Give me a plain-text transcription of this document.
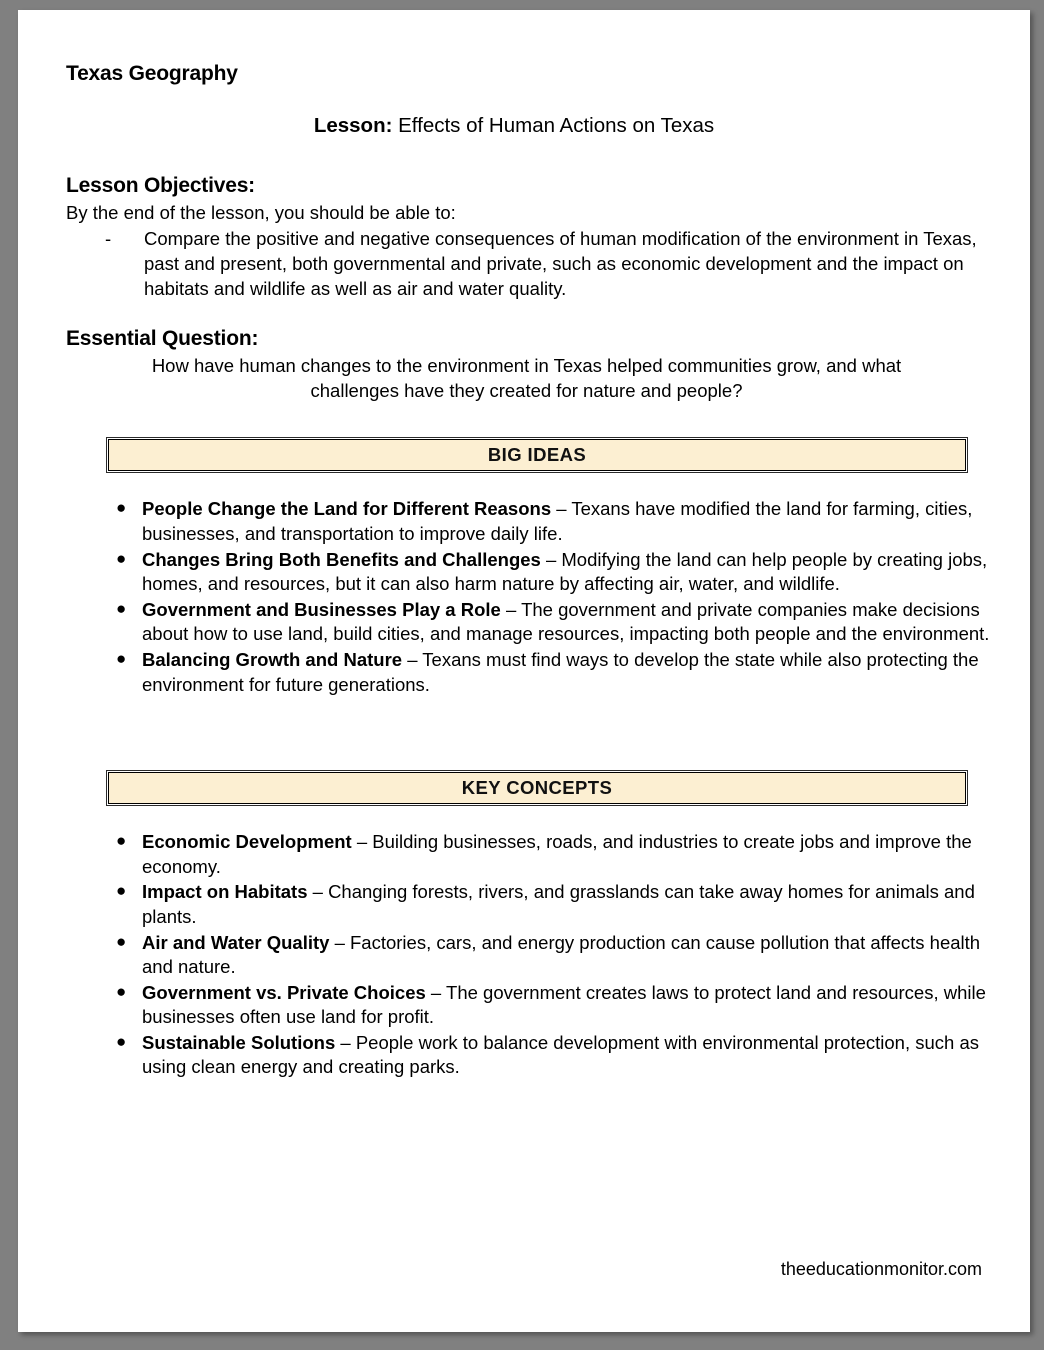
Texas Geography

Lesson: Effects of Human Actions on Texas

Lesson Objectives:

By the end of the lesson, you should be able to:

- Compare the positive and negative consequences of human modification of the environment in Texas, past and present, both governmental and private, such as economic development and the impact on habitats and wildlife as well as air and water quality.
Essential Question:

How have human changes to the environment in Texas helped communities grow, and what challenges have they created for nature and people?

BIG IDEAS
● People Change the Land for Different Reasons – Texans have modified the land for farming, cities, businesses, and transportation to improve daily life.
● Changes Bring Both Benefits and Challenges – Modifying the land can help people by creating jobs, homes, and resources, but it can also harm nature by affecting air, water, and wildlife.
● Government and Businesses Play a Role – The government and private companies make decisions about how to use land, build cities, and manage resources, impacting both people and the environment.
● Balancing Growth and Nature – Texans must find ways to develop the state while also protecting the environment for future generations.
KEY CONCEPTS
● Economic Development – Building businesses, roads, and industries to create jobs and improve the economy.
● Impact on Habitats – Changing forests, rivers, and grasslands can take away homes for animals and plants.
● Air and Water Quality – Factories, cars, and energy production can cause pollution that affects health and nature.
● Government vs. Private Choices – The government creates laws to protect land and resources, while businesses often use land for profit.
● Sustainable Solutions – People work to balance development with environmental protection, such as using clean energy and creating parks.
theeducationmonitor.com
